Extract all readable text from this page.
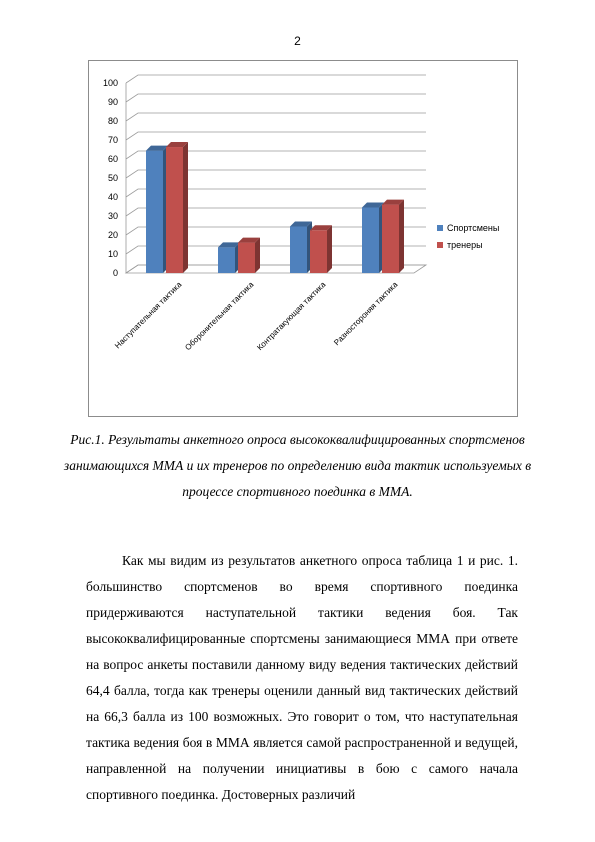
2
0
10
20
30
40
50
60
70
80
90
100
Наступательная тактика Оборонительная тактика Контратакующая тактика Разностороняя тактика
Спортсмены
тренеры
Рис.1. Результаты анкетного опроса высококвалифицированных спортсменов занимающихся ММА и их тренеров по определению вида тактик используемых в процессе спортивного поединка в ММА.

Как мы видим из результатов анкетного опроса таблица 1 и рис. 1. большинство спортсменов во время спортивного поединка придерживаются наступательной тактики ведения боя. Так высококвалифицированные спортсмены занимающиеся ММА при ответе на вопрос анкеты поставили данному виду ведения тактических действий 64,4 балла, тогда как тренеры оценили данный вид тактических действий на 66,3 балла из 100 возможных. Это говорит о том, что наступательная тактика ведения боя в ММА является самой распространенной и ведущей, направленной на получении инициативы в бою с самого начала спортивного поединка. Достоверных различий
